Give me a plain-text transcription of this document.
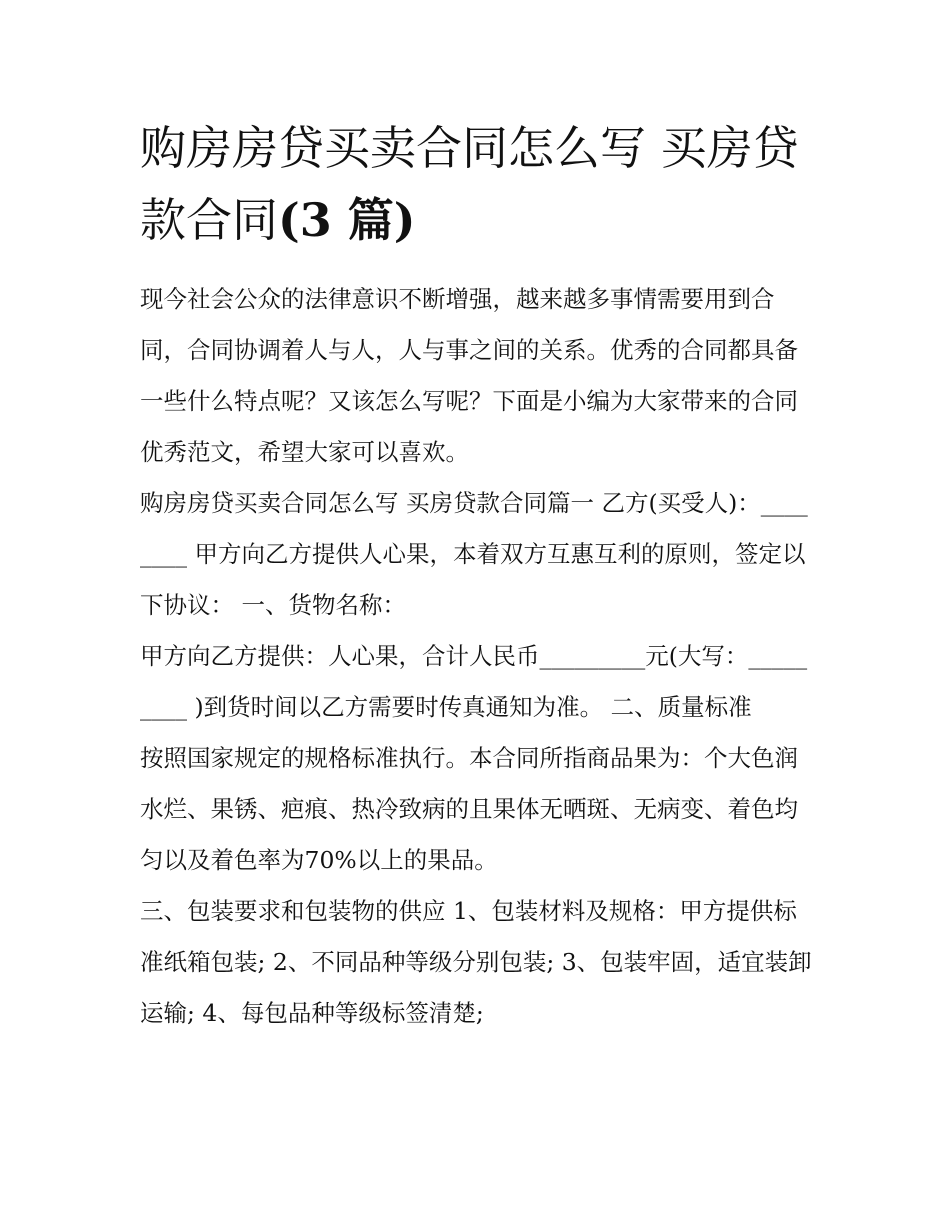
购房房贷买卖合同怎么写 买房贷款合同(3 篇)

现今社会公众的法律意识不断增强，越来越多事情需要用到合同，合同协调着人与人，人与事之间的关系。优秀的合同都具备一些什么特点呢？又该怎么写呢？下面是小编为大家带来的合同优秀范文，希望大家可以喜欢。

购房房贷买卖合同怎么写 买房贷款合同篇一 乙方(买受人)：________ 甲方向乙方提供人心果，本着双方互惠互利的原则，签定以下协议： 一、货物名称：

甲方向乙方提供：人心果，合计人民币_________元(大写：_________ )到货时间以乙方需要时传真通知为准。 二、质量标准

按照国家规定的规格标准执行。本合同所指商品果为：个大色润水烂、果锈、疤痕、热冷致病的且果体无晒斑、无病变、着色均匀以及着色率为70%以上的果品。

三、包装要求和包装物的供应 1、包装材料及规格：甲方提供标准纸箱包装; 2、不同品种等级分别包装; 3、包装牢固，适宜装卸运输; 4、每包品种等级标签清楚;
